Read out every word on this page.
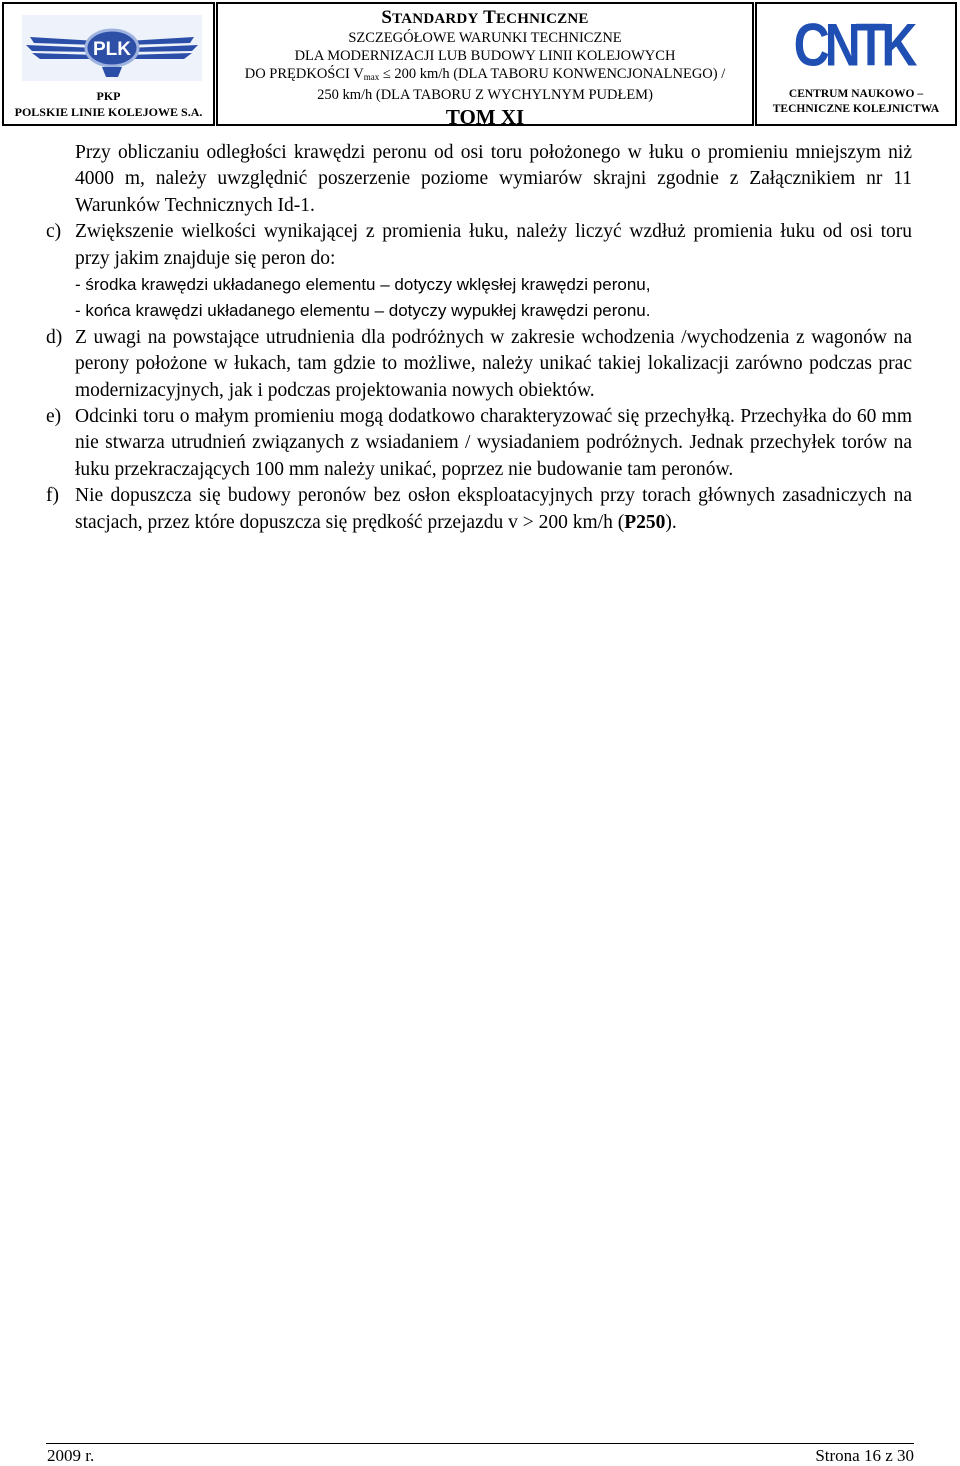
PLK
PKP
POLSKIE LINIE KOLEJOWE S.A.
STANDARDY TECHNICZNE
SZCZEGÓŁOWE WARUNKI TECHNICZNE
DLA MODERNIZACJI LUB BUDOWY LINII KOLEJOWYCH
DO PRĘDKOŚCI $V_{max} \le 200$ km/h (DLA TABORU KONWENCJONALNEGO) /
250 km/h (DLA TABORU Z WYCHYLNYM PUDŁEM)
TOM XI
CNTK
CENTRUM NAUKOWO –
TECHNICZNE KOLEJNICTWA

Przy obliczaniu odległości krawędzi peronu od osi toru położonego w łuku o promieniu mniejszym niż 4000 m, należy uwzględnić poszerzenie poziome wymiarów skrajni zgodnie z Załącznikiem nr 11 Warunków Technicznych Id-1.

c) Zwiększenie wielkości wynikającej z promienia łuku, należy liczyć wzdłuż promienia łuku od osi toru przy jakim znajduje się peron do:

- środka krawędzi układanego elementu – dotyczy wklęsłej krawędzi peronu,

- końca krawędzi układanego elementu – dotyczy wypukłej krawędzi peronu.

d) Z uwagi na powstające utrudnienia dla podróżnych w zakresie wchodzenia /wychodzenia z wagonów na perony położone w łukach, tam gdzie to możliwe, należy unikać takiej lokalizacji zarówno podczas prac modernizacyjnych, jak i podczas projektowania nowych obiektów.

e) Odcinki toru o małym promieniu mogą dodatkowo charakteryzować się przechyłką. Przechyłka do 60 mm nie stwarza utrudnień związanych z wsiadaniem / wysiadaniem podróżnych. Jednak przechyłek torów na łuku przekraczających 100 mm należy unikać, poprzez nie budowanie tam peronów.

f) Nie dopuszcza się budowy peronów bez osłon eksploatacyjnych przy torach głównych zasadniczych na stacjach, przez które dopuszcza się prędkość przejazdu v > 200 km/h (P250).

2009 r.	Strona 16 z 30
